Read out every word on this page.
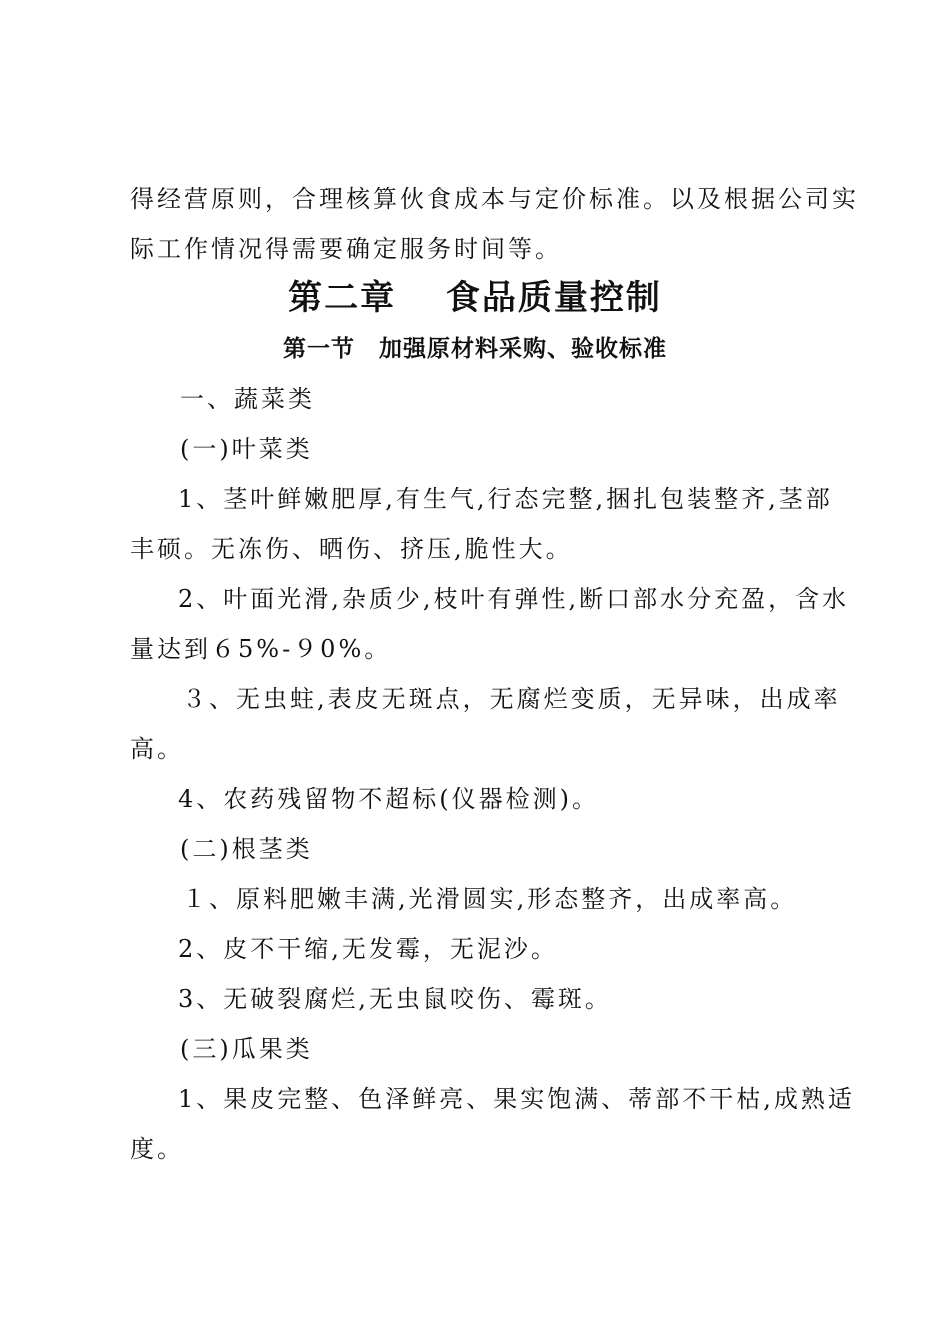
得经营原则，合理核算伙食成本与定价标准。以及根据公司实
际工作情况得需要确定服务时间等。
第二章　 食品质量控制
第一节　加强原材料采购、验收标准
一、蔬菜类
(一)叶菜类
1、茎叶鲜嫩肥厚,有生气,行态完整,捆扎包装整齐,茎部
丰硕。无冻伤、晒伤、挤压,脆性大。
2、叶面光滑,杂质少,枝叶有弹性,断口部水分充盈，含水
量达到６5%-９0%。
３、无虫蛀,表皮无斑点，无腐烂变质，无异味，出成率
高。
4、农药残留物不超标(仪器检测)。
(二)根茎类
１、原料肥嫩丰满,光滑圆实,形态整齐，出成率高。
2、皮不干缩,无发霉，无泥沙。
3、无破裂腐烂,无虫鼠咬伤、霉斑。
(三)瓜果类
1、果皮完整、色泽鲜亮、果实饱满、蒂部不干枯,成熟适
度。
